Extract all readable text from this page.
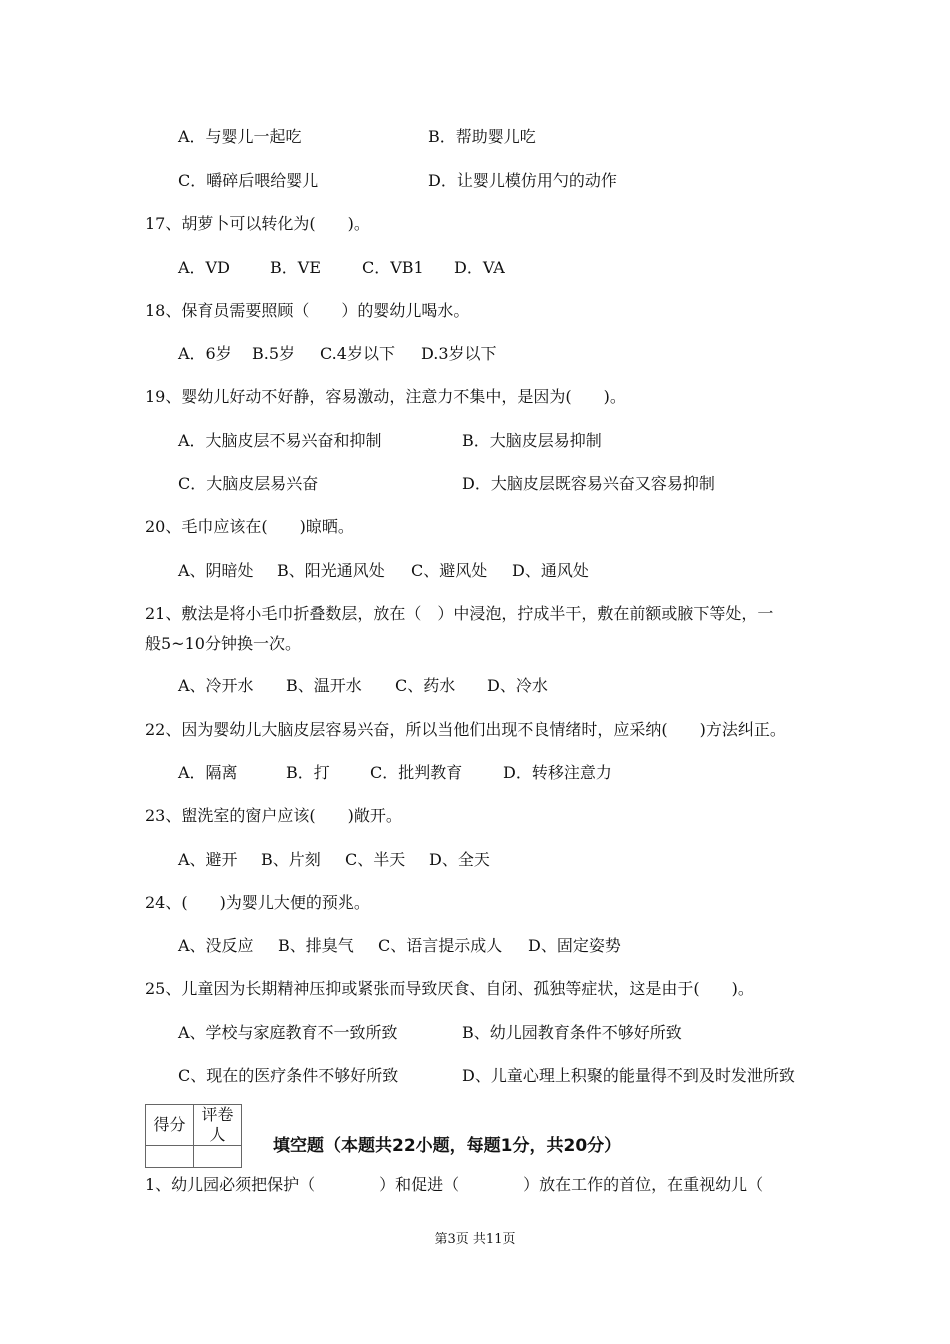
A．与婴儿一起吃	B．帮助婴儿吃
C．嚼碎后喂给婴儿	D．让婴儿模仿用勺的动作
17、胡萝卜可以转化为(　　)。
A．VD	B．VE	C．VB1 D．VA
18、保育员需要照顾（　　）的婴幼儿喝水。
A．6岁 B.5岁 C.4岁以下 D.3岁以下
19、婴幼儿好动不好静，容易激动，注意力不集中，是因为(　　)。
A．大脑皮层不易兴奋和抑制	B．大脑皮层易抑制
C．大脑皮层易兴奋	D．大脑皮层既容易兴奋又容易抑制
20、毛巾应该在(　　)晾晒。
A、阴暗处 B、阳光通风处 C、避风处 D、通风处
21、敷法是将小毛巾折叠数层，放在（　）中浸泡，拧成半干，敷在前额或腋下等处，一
般5~10分钟换一次。
A、冷开水 B、温开水 C、药水 D、冷水
22、因为婴幼儿大脑皮层容易兴奋，所以当他们出现不良情绪时，应采纳(　　)方法纠正。
A．隔离	B．打	C．批判教育	D．转移注意力
23、盥洗室的窗户应该(　　)敞开。
A、避开 B、片刻 C、半天 D、全天
24、(　　)为婴儿大便的预兆。
A、没反应 B、排臭气 C、语言提示成人 D、固定姿势
25、儿童因为长期精神压抑或紧张而导致厌食、自闭、孤独等症状，这是由于(　　)。
A、学校与家庭教育不一致所致	B、幼儿园教育条件不够好所致
C、现在的医疗条件不够好所致	D、儿童心理上积聚的能量得不到及时发泄所致
得分	评卷人

填空题（本题共22小题，每题1分，共20分）
1、幼儿园必须把保护（　　　　）和促进（　　　　）放在工作的首位，在重视幼儿（
第3页 共11页
